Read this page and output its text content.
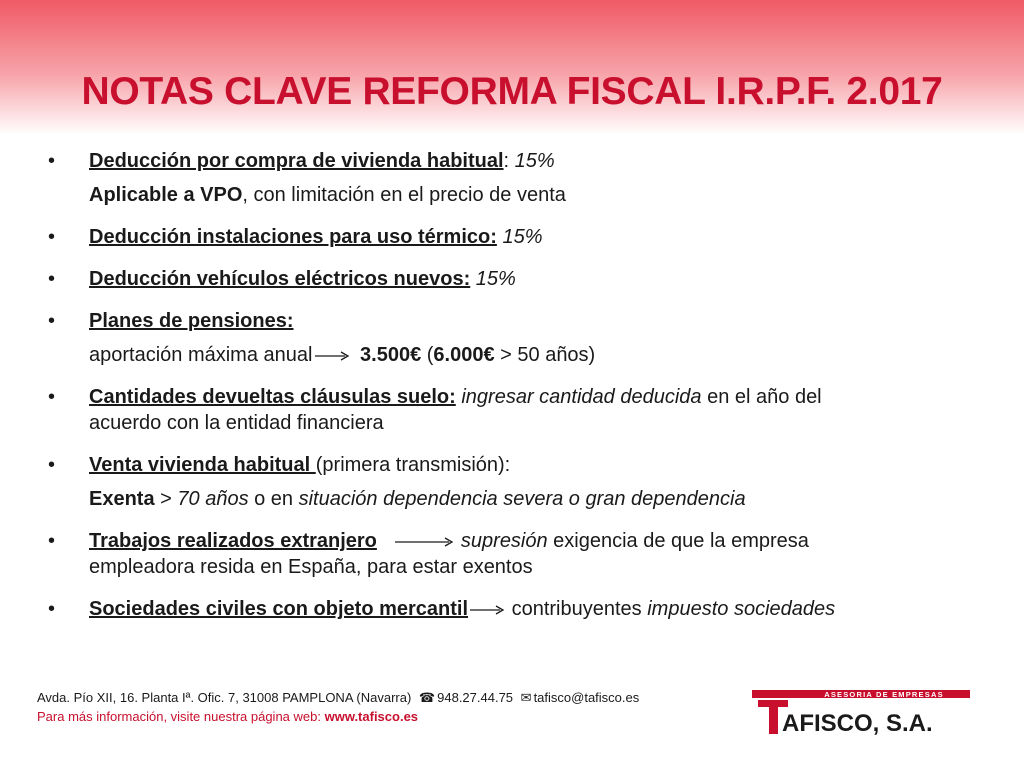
NOTAS CLAVE REFORMA FISCAL I.R.P.F. 2.017
• Deducción por compra de vivienda habitual: 15%
Aplicable a VPO, con limitación en el precio de venta
• Deducción instalaciones para uso térmico: 15%
• Deducción vehículos eléctricos nuevos: 15%
• Planes de pensiones:
aportación máxima anual 3.500€ (6.000€ > 50 años)
• Cantidades devueltas cláusulas suelo: ingresar cantidad deducida en el año del
acuerdo con la entidad financiera
• Venta vivienda habitual (primera transmisión):
Exenta > 70 años o en situación dependencia severa o gran dependencia
• Trabajos realizados extranjero	supresión exigencia de que la empresa
empleadora resida en España, para estar exentos
• Sociedades civiles con objeto mercantil contribuyentes impuesto sociedades
Avda. Pío XII, 16. Planta Iª. Ofic. 7, 31008 PAMPLONA (Navarra) ☎ 948.27.44.75 ✉ tafisco@tafisco.es
Para más información, visite nuestra página web: www.tafisco.es
ASESORIA DE EMPRESAS
AFISCO, S.A.
